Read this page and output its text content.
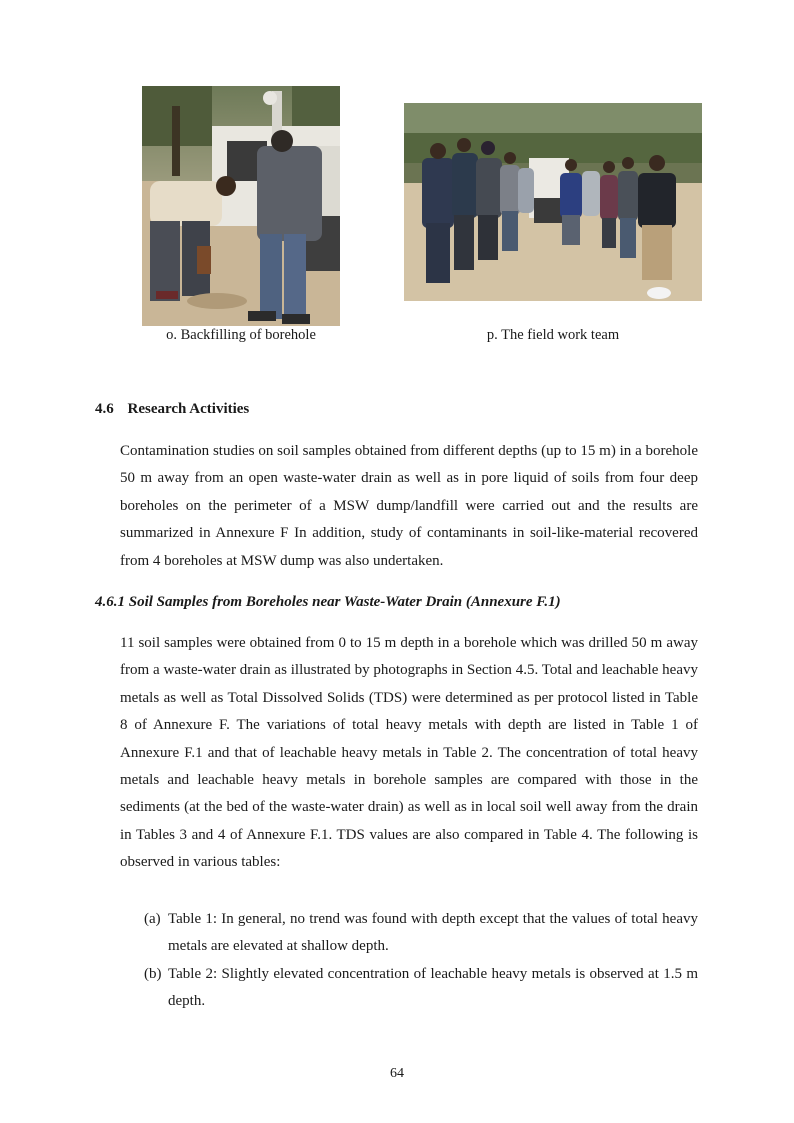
o. Backfilling of borehole	p. The field work team
4.6 Research Activities
Contamination studies on soil samples obtained from different depths (up to 15 m) in a borehole 50 m away from an open waste-water drain as well as in pore liquid of soils from four deep boreholes on the perimeter of a MSW dump/landfill were carried out and the results are summarized in Annexure F In addition, study of contaminants in soil-like-material recovered from 4 boreholes at MSW dump was also undertaken.
4.6.1 Soil Samples from Boreholes near Waste-Water Drain (Annexure F.1)
11 soil samples were obtained from 0 to 15 m depth in a borehole which was drilled 50 m away from a waste-water drain as illustrated by photographs in Section 4.5. Total and leachable heavy metals as well as Total Dissolved Solids (TDS) were determined as per protocol listed in Table 8 of Annexure F. The variations of total heavy metals with depth are listed in Table 1 of Annexure F.1 and that of leachable heavy metals in Table 2. The concentration of total heavy metals and leachable heavy metals in borehole samples are compared with those in the sediments (at the bed of the waste-water drain) as well as in local soil well away from the drain in Tables 3 and 4 of Annexure F.1. TDS values are also compared in Table 4. The following is observed in various tables:
(a) Table 1: In general, no trend was found with depth except that the values of total heavy metals are elevated at shallow depth.
(b) Table 2: Slightly elevated concentration of leachable heavy metals is observed at 1.5 m depth.
64
